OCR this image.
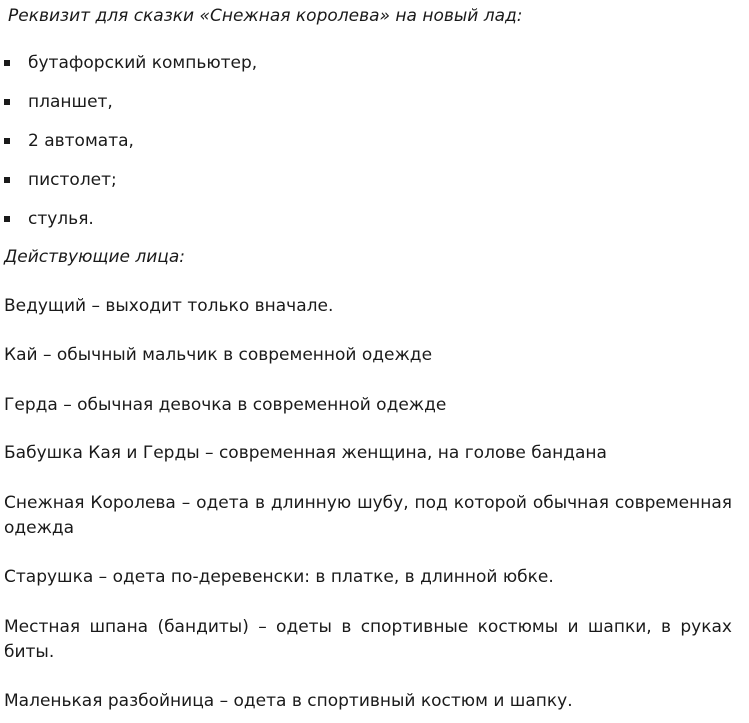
Реквизит для сказки «Снежная королева» на новый лад:
бутафорский компьютер,
планшет,
2 автомата,
пистолет;
стулья.
Действующие лица:

Ведущий – выходит только вначале.

Кай – обычный мальчик в современной одежде

Герда – обычная девочка в современной одежде

Бабушка Кая и Герды – современная женщина, на голове бандана

Снежная Королева – одета в длинную шубу, под которой обычная современная одежда

Старушка – одета по-деревенски: в платке, в длинной юбке.

Местная шпана (бандиты) – одеты в спортивные костюмы и шапки, в руках биты.

Маленькая разбойница – одета в спортивный костюм и шапку.
